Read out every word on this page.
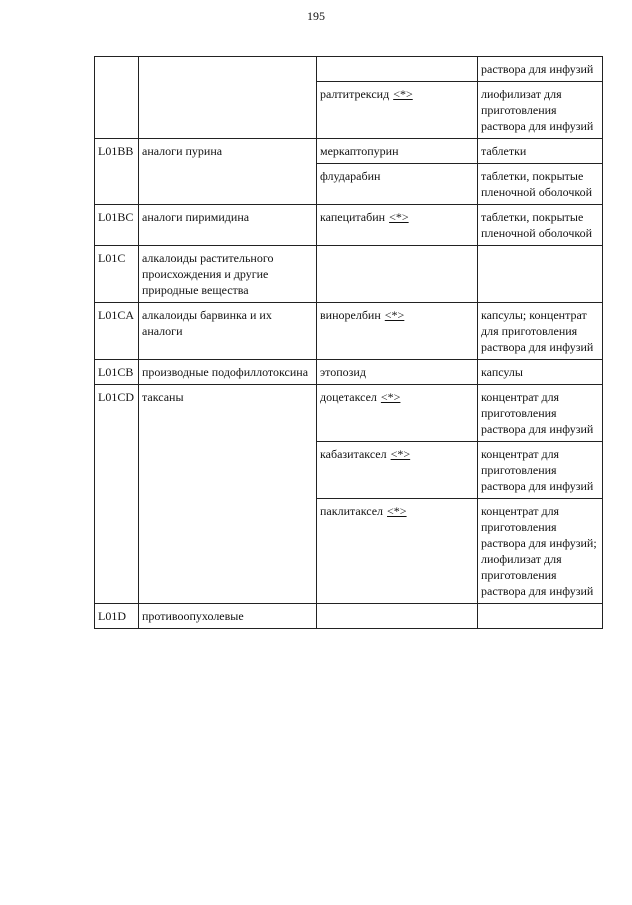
195
			раствора для инфузий
		ралтитрексид <*>	лиофилизат для приготовления раствора для инфузий
L01BB	аналоги пурина	меркаптопурин	таблетки
		флударабин	таблетки, покрытые пленочной оболочкой
L01BC	аналоги пиримидина	капецитабин <*>	таблетки, покрытые пленочной оболочкой
L01C	алкалоиды растительного происхождения и другие природные вещества		
L01CA	алкалоиды барвинка и их аналоги	винорелбин <*>	капсулы; концентрат для приготовления раствора для инфузий
L01CB	производные подофиллотоксина	этопозид	капсулы
L01CD	таксаны	доцетаксел <*>	концентрат для приготовления раствора для инфузий
		кабазитаксел <*>	концентрат для приготовления раствора для инфузий
		паклитаксел <*>	концентрат для приготовления раствора для инфузий; лиофилизат для приготовления раствора для инфузий
L01D	противоопухолевые		
